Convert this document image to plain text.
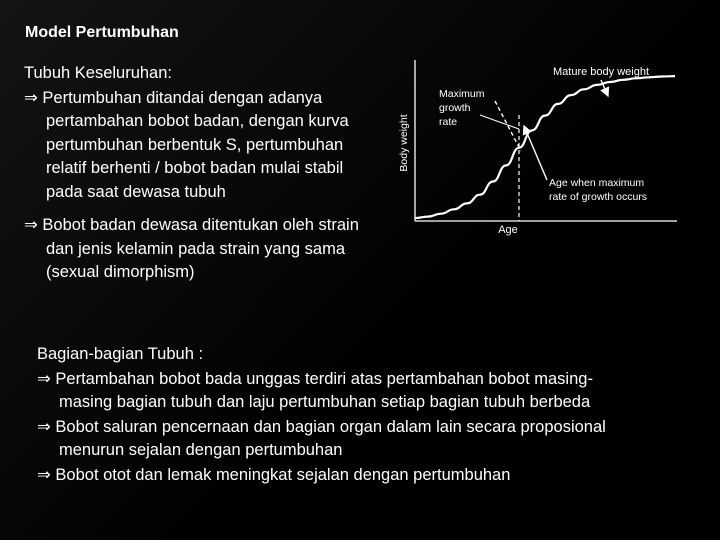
Model Pertumbuhan

Tubuh Keseluruhan:

⇒ Pertumbuhan ditandai dengan adanya

pertambahan bobot badan, dengan kurva

pertumbuhan berbentuk S, pertumbuhan

relatif berhenti / bobot badan mulai stabil

pada saat dewasa tubuh

⇒ Bobot badan dewasa ditentukan oleh strain

dan jenis kelamin pada strain yang sama

(sexual dimorphism)

Body weight
Age
Mature body weight
Maximum
growth
rate
Age when maximum
rate of growth occurs

Bagian-bagian Tubuh :

⇒ Pertambahan bobot bada unggas terdiri atas pertambahan bobot masing-

masing bagian tubuh dan laju pertumbuhan setiap bagian tubuh berbeda

⇒ Bobot saluran pencernaan dan bagian organ dalam lain secara proposional

menurun sejalan dengan pertumbuhan

⇒ Bobot otot dan lemak meningkat sejalan dengan pertumbuhan
